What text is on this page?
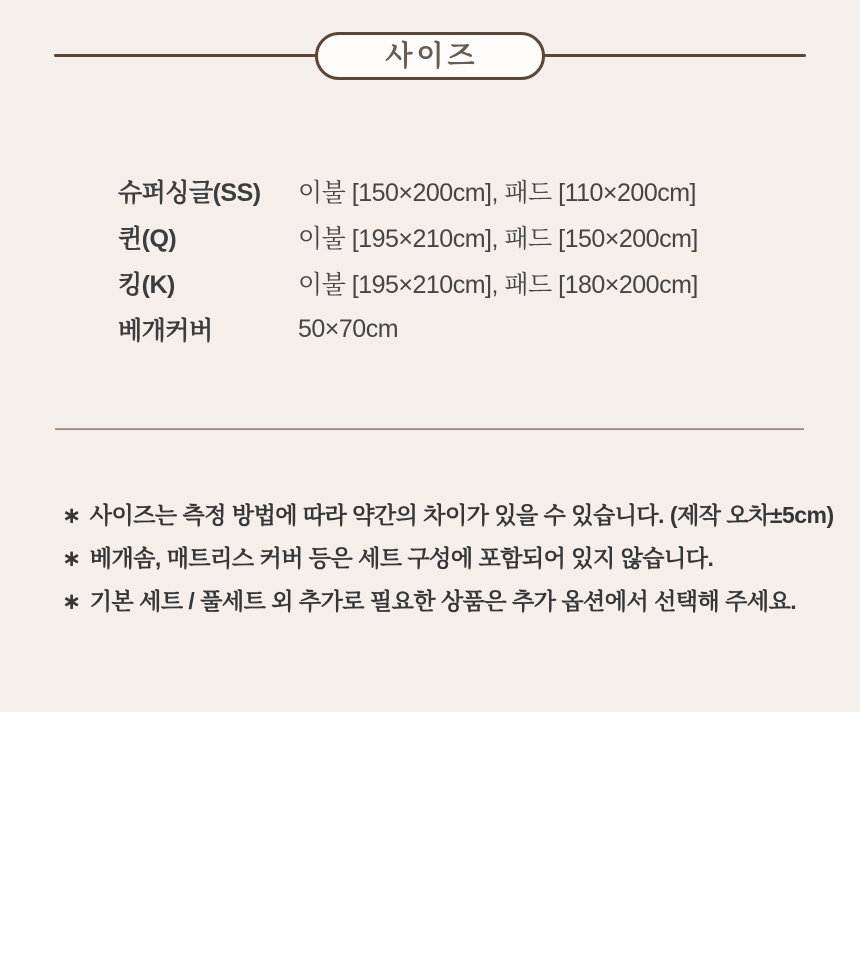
사이즈
슈퍼싱글(SS)	이불 [150×200cm], 패드 [110×200cm]
퀸(Q)	이불 [195×210cm], 패드 [150×200cm]
킹(K)	이불 [195×210cm], 패드 [180×200cm]
베개커버	50×70cm
∗ 사이즈는 측정 방법에 따라 약간의 차이가 있을 수 있습니다. (제작 오차±5cm)
∗ 베개솜, 매트리스 커버 등은 세트 구성에 포함되어 있지 않습니다.
∗ 기본 세트 / 풀세트 외 추가로 필요한 상품은 추가 옵션에서 선택해 주세요.
